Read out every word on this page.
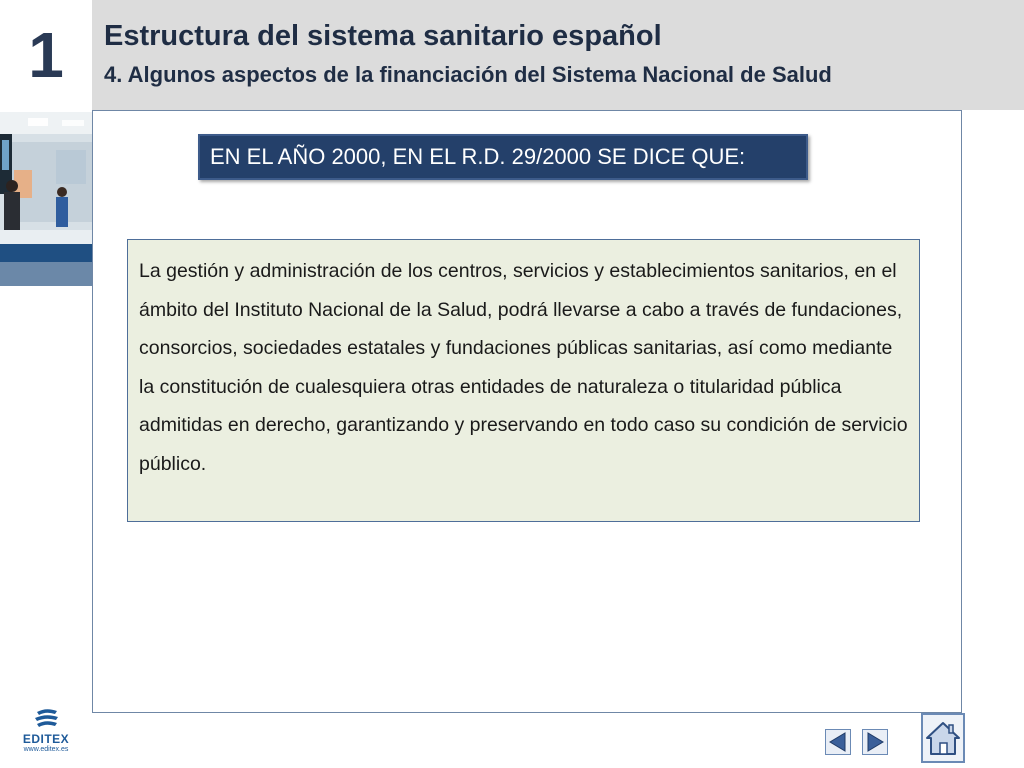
1	Estructura del sistema sanitario español
4. Algunos aspectos de la financiación del Sistema Nacional de Salud
EN EL AÑO 2000, EN EL R.D. 29/2000 SE DICE QUE:

La gestión y administración de los centros, servicios y establecimientos sanitarios, en el ámbito del Instituto Nacional de la Salud, podrá llevarse a cabo a través de fundaciones, consorcios, sociedades estatales y fundaciones públicas sanitarias, así como mediante la constitución de cualesquiera otras entidades de naturaleza o titularidad pública admitidas en derecho, garantizando y preservando en todo caso su condición de servicio público.

EDITEX
www.editex.es
